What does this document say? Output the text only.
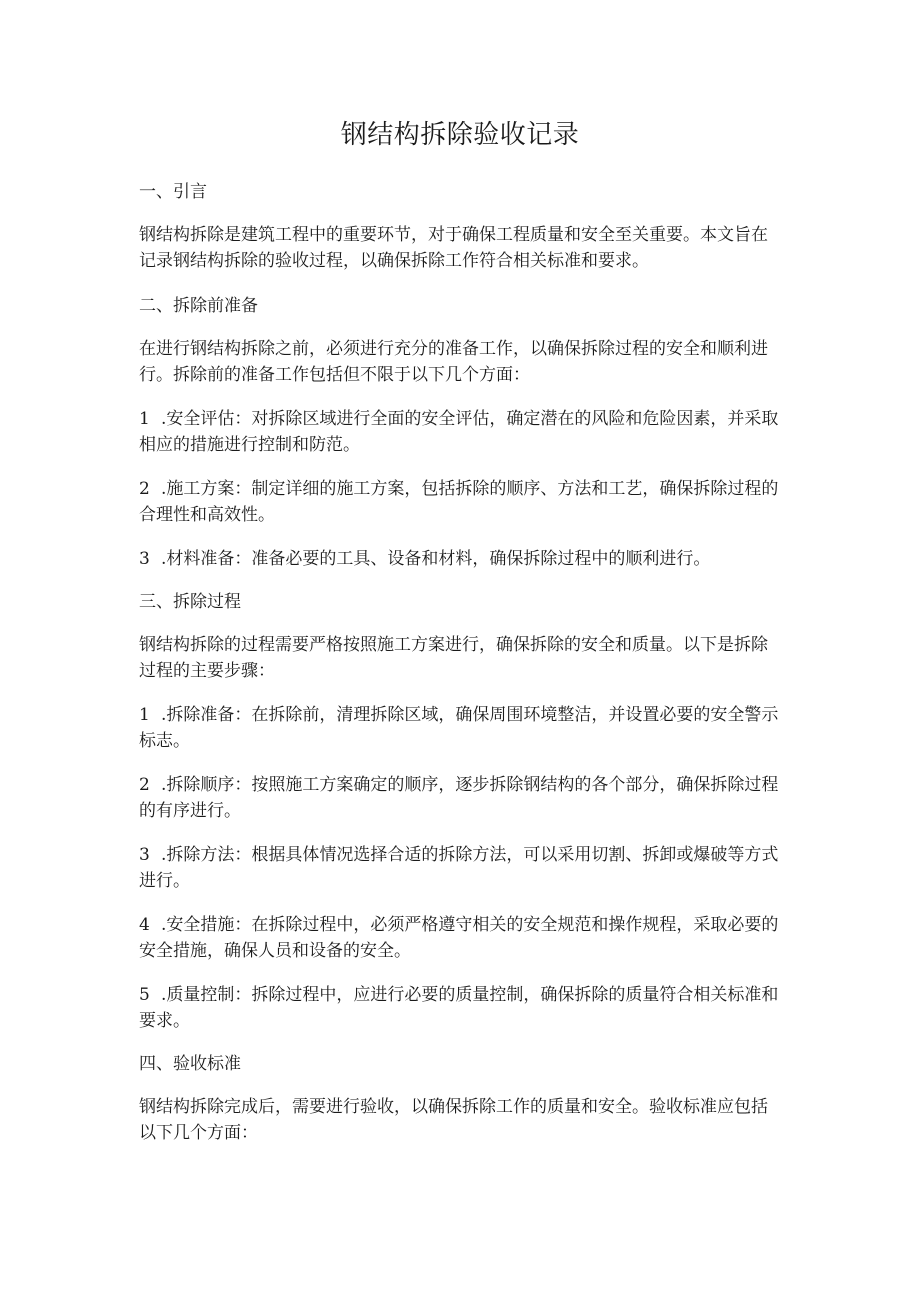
钢结构拆除验收记录
一、引言

钢结构拆除是建筑工程中的重要环节，对于确保工程质量和安全至关重要。本文旨在记录钢结构拆除的验收过程，以确保拆除工作符合相关标准和要求。

二、拆除前准备

在进行钢结构拆除之前，必须进行充分的准备工作，以确保拆除过程的安全和顺利进行。拆除前的准备工作包括但不限于以下几个方面：

1 .安全评估：对拆除区域进行全面的安全评估，确定潜在的风险和危险因素，并采取相应的措施进行控制和防范。

2 .施工方案：制定详细的施工方案，包括拆除的顺序、方法和工艺，确保拆除过程的合理性和高效性。

3 .材料准备：准备必要的工具、设备和材料，确保拆除过程中的顺利进行。

三、拆除过程

钢结构拆除的过程需要严格按照施工方案进行，确保拆除的安全和质量。以下是拆除过程的主要步骤：

1 .拆除准备：在拆除前，清理拆除区域，确保周围环境整洁，并设置必要的安全警示标志。

2 .拆除顺序：按照施工方案确定的顺序，逐步拆除钢结构的各个部分，确保拆除过程的有序进行。

3 .拆除方法：根据具体情况选择合适的拆除方法，可以采用切割、拆卸或爆破等方式进行。

4 .安全措施：在拆除过程中，必须严格遵守相关的安全规范和操作规程，采取必要的安全措施，确保人员和设备的安全。

5 .质量控制：拆除过程中，应进行必要的质量控制，确保拆除的质量符合相关标准和要求。

四、验收标准

钢结构拆除完成后，需要进行验收，以确保拆除工作的质量和安全。验收标准应包括以下几个方面：
